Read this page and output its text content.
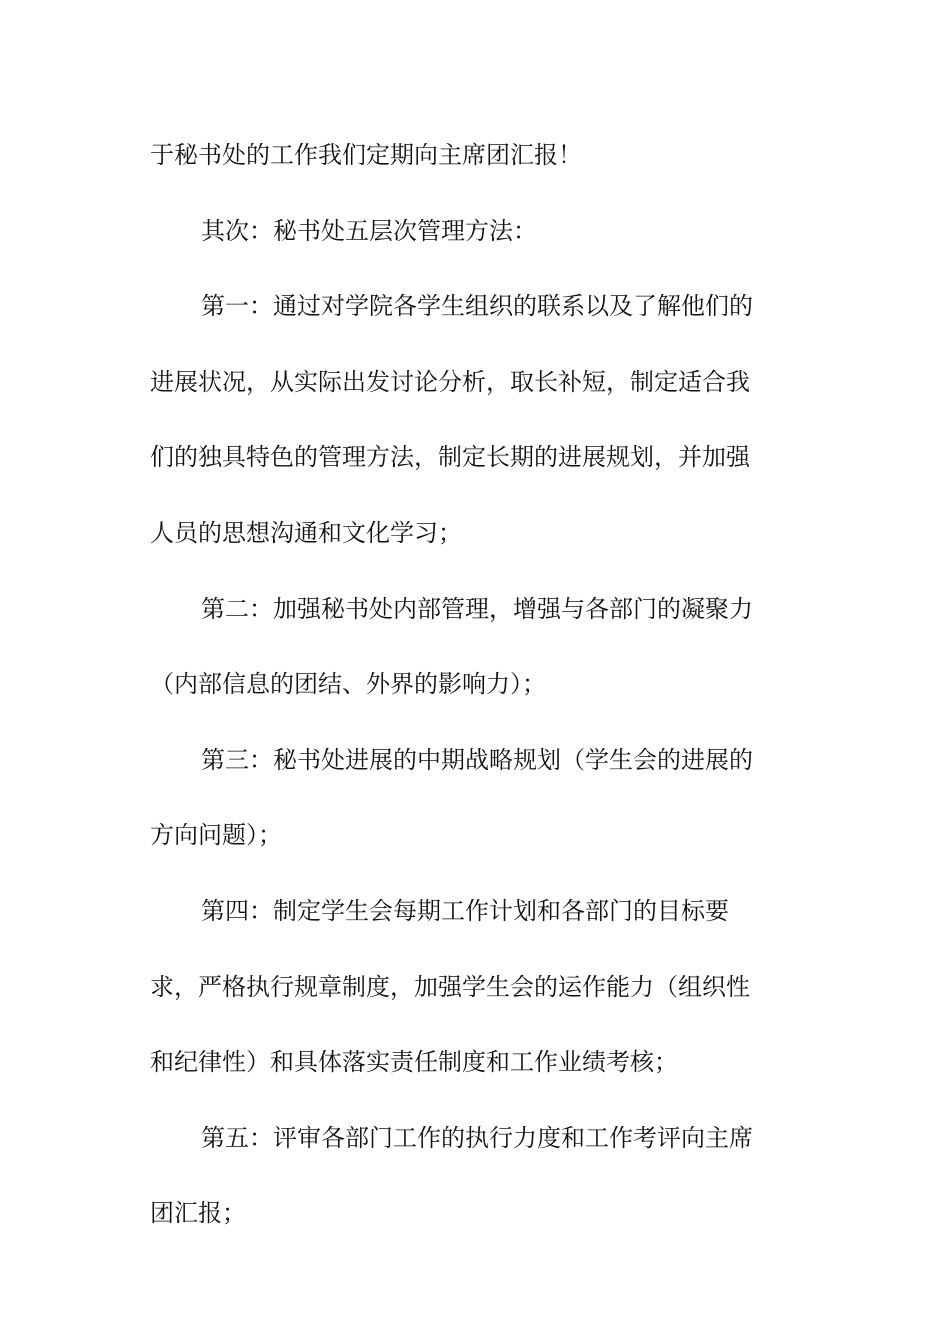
于秘书处的工作我们定期向主席团汇报！
其次：秘书处五层次管理方法：
第一：通过对学院各学生组织的联系以及了解他们的
进展状况，从实际出发讨论分析，取长补短，制定适合我
们的独具特色的管理方法，制定长期的进展规划，并加强
人员的思想沟通和文化学习；
第二：加强秘书处内部管理，增强与各部门的凝聚力
（内部信息的团结、外界的影响力）；
第三：秘书处进展的中期战略规划（学生会的进展的
方向问题）；
第四：制定学生会每期工作计划和各部门的目标要
求，严格执行规章制度，加强学生会的运作能力（组织性
和纪律性）和具体落实责任制度和工作业绩考核；
第五：评审各部门工作的执行力度和工作考评向主席
团汇报；
